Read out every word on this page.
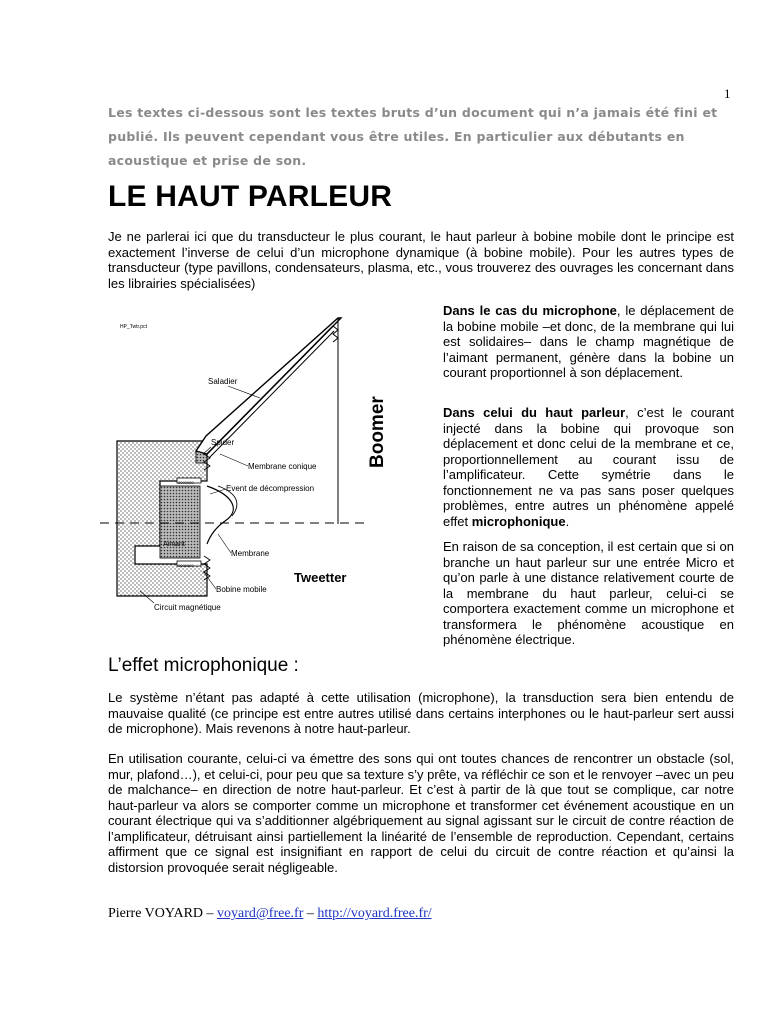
1
Les textes ci-dessous sont les textes bruts d’un document qui n’a jamais été fini et publié. Ils peuvent cependant vous être utiles. En particulier aux débutants en acoustique et prise de son.
LE HAUT PARLEUR

Je ne parlerai ici que du transducteur le plus courant, le haut parleur à bobine mobile dont le principe est exactement l’inverse de celui d’un microphone dynamique (à bobine mobile). Pour les autres types de transducteur (type pavillons, condensateurs, plasma, etc., vous trouverez des ouvrages les concernant dans les librairies spécialisées)

HP_Twtr.pct
Aimant
0000000
0000000
Saladier
Spider
Membrane conique
Event de décompression
Membrane
Bobine mobile
Circuit magnétique
Boomer
Tweetter

Dans le cas du microphone, le déplacement de la bobine mobile –et donc, de la membrane qui lui est solidaires– dans le champ magnétique de l’aimant permanent, génère dans la bobine un courant proportionnel à son déplacement.

Dans celui du haut parleur, c’est le courant injecté dans la bobine qui provoque son déplacement et donc celui de la membrane et ce, proportionnellement au courant issu de l’amplificateur. Cette symétrie dans le fonctionnement ne va pas sans poser quelques problèmes, entre autres un phénomène appelé effet microphonique.

En raison de sa conception, il est certain que si on branche un haut parleur sur une entrée Micro et qu’on parle à une distance relativement courte de la membrane du haut parleur, celui-ci se comportera exactement comme un microphone et transformera le phénomène acoustique en phénomène électrique.

L’effet microphonique :

Le système n’étant pas adapté à cette utilisation (microphone), la transduction sera bien entendu de mauvaise qualité (ce principe est entre autres utilisé dans certains interphones ou le haut-parleur sert aussi de microphone). Mais revenons à notre haut-parleur.

En utilisation courante, celui-ci va émettre des sons qui ont toutes chances de rencontrer un obstacle (sol, mur, plafond…), et celui-ci, pour peu que sa texture s’y prête, va réfléchir ce son et le renvoyer –avec un peu de malchance– en direction de notre haut-parleur. Et c’est à partir de là que tout se complique, car notre haut-parleur va alors se comporter comme un microphone et transformer cet événement acoustique en un courant électrique qui va s’additionner algébriquement au signal agissant sur le circuit de contre réaction de l’amplificateur, détruisant ainsi partiellement la linéarité de l’ensemble de reproduction. Cependant, certains affirment que ce signal est insignifiant en rapport de celui du circuit de contre réaction et qu’ainsi la distorsion provoquée serait négligeable.

Pierre VOYARD – voyard@free.fr – http://voyard.free.fr/
